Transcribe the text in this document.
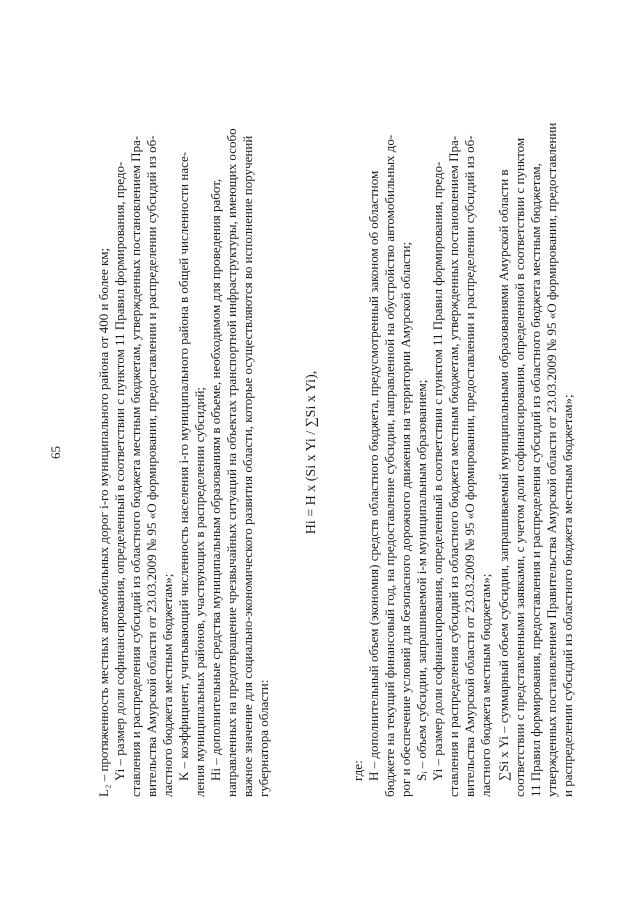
65	L₂ – протяженность местных автомобильных дорог i-го муниципального района от 400 и более км; Yi – размер доли софинансирования, определенный в соответствии с пунктом 11 Правил формирования, предо- ставления и распределения субсидий из областного бюджета местным бюджетам, утвержденных постановлением Пра- вительства Амурской области от 23.03.2009 № 95 «О формировании, предоставлении и распределении субсидий из об- ластного бюджета местным бюджетам»; K – коэффициент, учитывающий численность населения i-го муниципального района в общей численности насе- ления муниципальных районов, участвующих в распределении субсидий; Hi – дополнительные средства муниципальным образованиям в объеме, необходимом для проведения работ, направленных на предотвращение чрезвычайных ситуаций на объектах транспортной инфраструктуры, имеющих особо важное значение для социально-экономического развития области, которые осуществляются во исполнение поручений губернатора области:
Hi = H x (Si x Yi / ∑Si x Yi),
где: H – дополнительный объем (экономия) средств областного бюджета, предусмотренный законом об областном бюджете на текущий финансовый год, на предоставление субсидии, направленной на обустройство автомобильных до- рог и обеспечение условий для безопасного дорожного движения на территории Амурской области; Sᵢ – объем субсидии, запрашиваемой i-м муниципальным образованием; Yi – размер доли софинансирования, определенный в соответствии с пунктом 11 Правил формирования, предо- ставления и распределения субсидий из областного бюджета местным бюджетам, утвержденных постановлением Пра- вительства Амурской области от 23.03.2009 № 95 «О формировании, предоставлении и распределении субсидий из об- ластного бюджета местным бюджетам»; ∑Si x Yi – суммарный объем субсидии, запрашиваемый муниципальными образованиями Амурской области в соответствии с представленными заявками, с учетом доли софинансирования, определенной в соответствии с пунктом 11 Правил формирования, предоставления и распределения субсидий из областного бюджета местным бюджетам, утвержденных постановлением Правительства Амурской области от 23.03.2009 № 95 «О формировании, предоставлении и распределении субсидий из областного бюджета местным бюджетам»;
